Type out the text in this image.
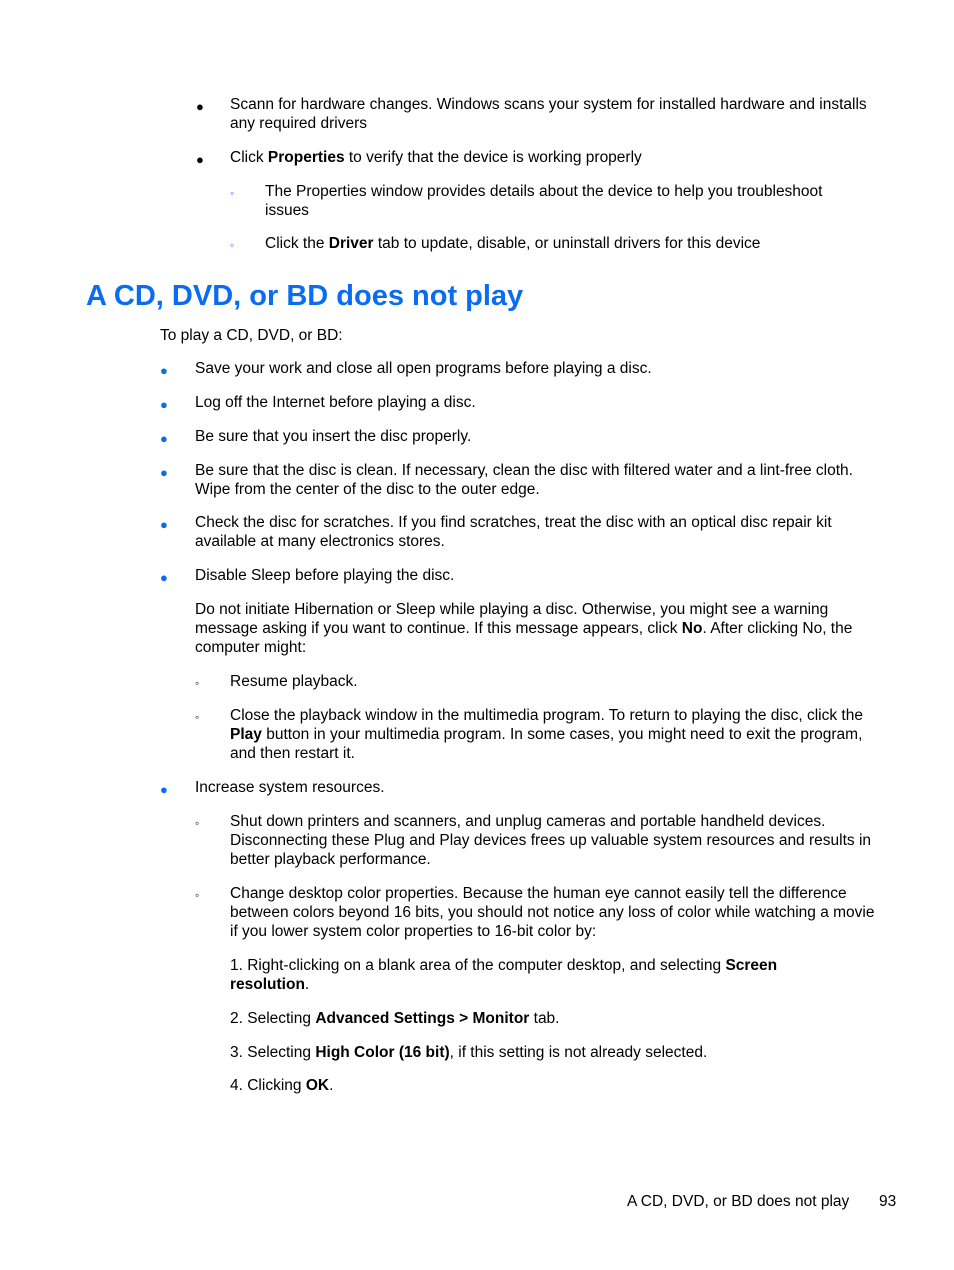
● Scann for hardware changes. Windows scans your system for installed hardware and installs any required drivers

● Click Properties to verify that the device is working properly

◦ The Properties window provides details about the device to help you troubleshoot issues

◦ Click the Driver tab to update, disable, or uninstall drivers for this device

A CD, DVD, or BD does not play

To play a CD, DVD, or BD:

● Save your work and close all open programs before playing a disc.

● Log off the Internet before playing a disc.

● Be sure that you insert the disc properly.

● Be sure that the disc is clean. If necessary, clean the disc with filtered water and a lint-free cloth. Wipe from the center of the disc to the outer edge.

● Check the disc for scratches. If you find scratches, treat the disc with an optical disc repair kit available at many electronics stores.

● Disable Sleep before playing the disc.

Do not initiate Hibernation or Sleep while playing a disc. Otherwise, you might see a warning message asking if you want to continue. If this message appears, click No. After clicking No, the computer might:

◦ Resume playback.

◦ Close the playback window in the multimedia program. To return to playing the disc, click the Play button in your multimedia program. In some cases, you might need to exit the program, and then restart it.

● Increase system resources.

◦ Shut down printers and scanners, and unplug cameras and portable handheld devices. Disconnecting these Plug and Play devices frees up valuable system resources and results in better playback performance.

◦ Change desktop color properties. Because the human eye cannot easily tell the difference between colors beyond 16 bits, you should not notice any loss of color while watching a movie if you lower system color properties to 16-bit color by:

1. Right-clicking on a blank area of the computer desktop, and selecting Screen resolution.

2. Selecting Advanced Settings > Monitor tab.

3. Selecting High Color (16 bit), if this setting is not already selected.

4. Clicking OK.

A CD, DVD, or BD does not play 93
